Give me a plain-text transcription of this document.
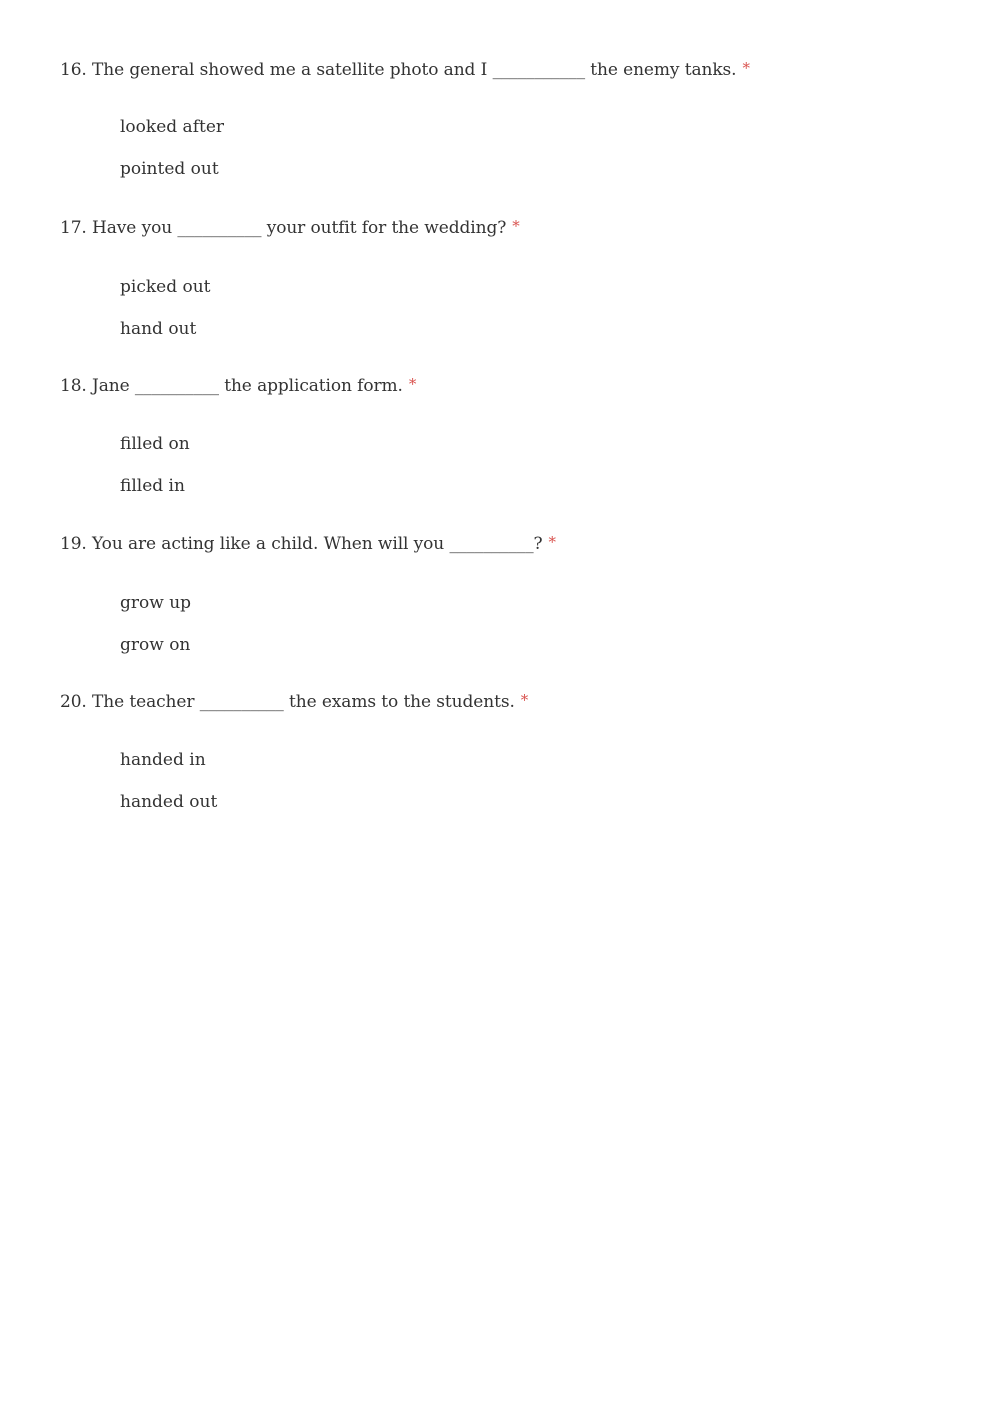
16. The general showed me a satellite photo and I ___________ the enemy tanks. *
looked after
pointed out
17. Have you __________ your outfit for the wedding? *
picked out
hand out
18. Jane __________ the application form. *
filled on
filled in
19. You are acting like a child. When will you __________? *
grow up
grow on
20. The teacher __________ the exams to the students. *
handed in
handed out
